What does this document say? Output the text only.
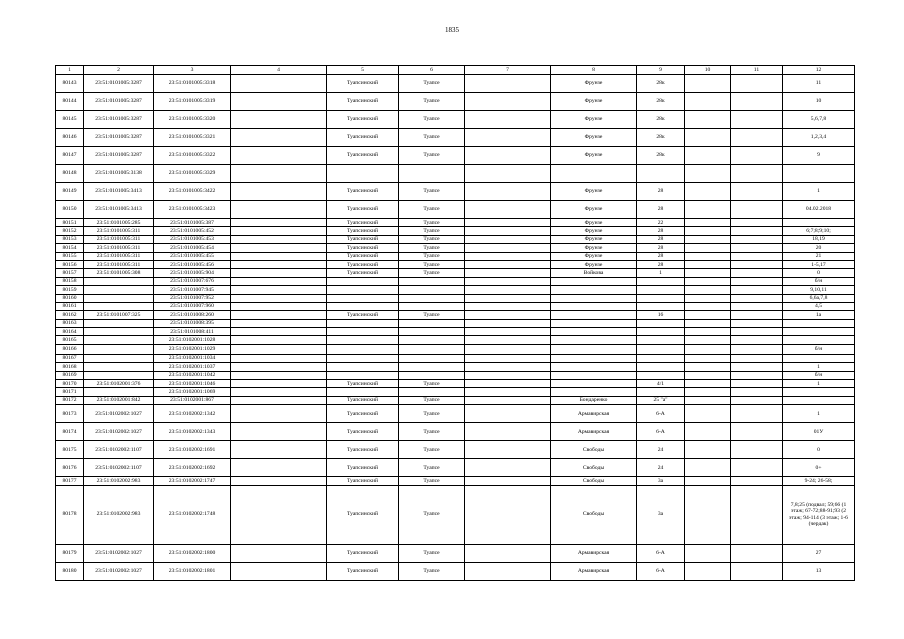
1835
1	2	3	4	5	6	7	8	9	10	11	12
80143	23:51:0101005:3287	23:51:0101005:3318		Туапсинский	Туапсе		Фрунзе	28к			11
80144	23:51:0101005:3287	23:51:0101005:3319		Туапсинский	Туапсе		Фрунзе	28к			10
80145	23:51:0101005:3287	23:51:0101005:3320		Туапсинский	Туапсе		Фрунзе	28к			5,6,7,8
80146	23:51:0101005:3287	23:51:0101005:3321		Туапсинский	Туапсе		Фрунзе	28к			1,2,3,4
80147	23:51:0101005:3287	23:51:0101005:3322		Туапсинский	Туапсе		Фрунзе	28к			9
80148	23:51:0101005:3138	23:51:0101005:3329									
80149	23:51:0101005:3413	23:51:0101005:3422		Туапсинский	Туапсе		Фрунзе	28			1
80150	23:51:0101005:3413	23:51:0101005:3423		Туапсинский	Туапсе		Фрунзе	28			04.02.2018
80151	23:51:0101005:285	23:51:0101005:387		Туапсинский	Туапсе		Фрунзе	22			
80152	23:51:0101005:311	23:51:0101005:452		Туапсинский	Туапсе		Фрунзе	28			6;7;8;9;10;
80153	23:51:0101005:311	23:51:0101005:453		Туапсинский	Туапсе		Фрунзе	28			18,19
80154	23:51:0101005:311	23:51:0101005:454		Туапсинский	Туапсе		Фрунзе	28			20
80155	23:51:0101005:311	23:51:0101005:455		Туапсинский	Туапсе		Фрунзе	28			21
80156	23:51:0101005:311	23:51:0101005:456		Туапсинский	Туапсе		Фрунзе	28			1-5,17
80157	23:51:0101005:308	23:51:0101005:904		Туапсинский	Туапсе		Войкова	1			0
80158		23:51:0101007:676									б/н
80159		23:51:0101007:945									9,10,11
80160		23:51:0101007:952									6,6а,7,8
80161		23:51:0101007:960									4,5
80162	23:51:0101007:325	23:51:0101008:260		Туапсинский	Туапсе			16			1а
80163		23:51:0101008:395									
80164		23:51:0101008:411									
80165		23:51:0102001:1028									
80166		23:51:0102001:1029									б/н
80167		23:51:0102001:1034									
80168		23:51:0102001:1037									1
80169		23:51:0102001:1042									б/н
80170	23:51:0102001:376	23:51:0102001:1046		Туапсинский	Туапсе			4/1			1
80171		23:51:0102001:1069									
80172	23:51:0102001:842	23:51:0102001:867		Туапсинский	Туапсе		Бондаренко	25 "а"			
80173	23:51:0102002:1027	23:51:0102002:1342		Туапсинский	Туапсе		Армавирская	6-А			1
80174	23:51:0102002:1027	23:51:0102002:1343		Туапсинский	Туапсе		Армавирская	6-А			01У
80175	23:51:0102002:1107	23:51:0102002:1691		Туапсинский	Туапсе		Свободы	24			0
80176	23:51:0102002:1107	23:51:0102002:1692		Туапсинский	Туапсе		Свободы	24			0+
80177	23:51:0102002:983	23:51:0102002:1747		Туапсинский	Туапсе		Свободы	3а			9-24; 26-58;
80178	23:51:0102002:983	23:51:0102002:1748		Туапсинский	Туапсе		Свободы	3а			7,8;25 (подвал; 59;66 (1 этаж; 67-72;88-91;93 (2 этаж; 94-114 (3 этаж; 1-6 (чердак)
80179	23:51:0102002:1027	23:51:0102002:1800		Туапсинский	Туапсе		Армавирская	6-А			27
80180	23:51:0102002:1027	23:51:0102002:1801		Туапсинский	Туапсе		Армавирская	6-А			13
